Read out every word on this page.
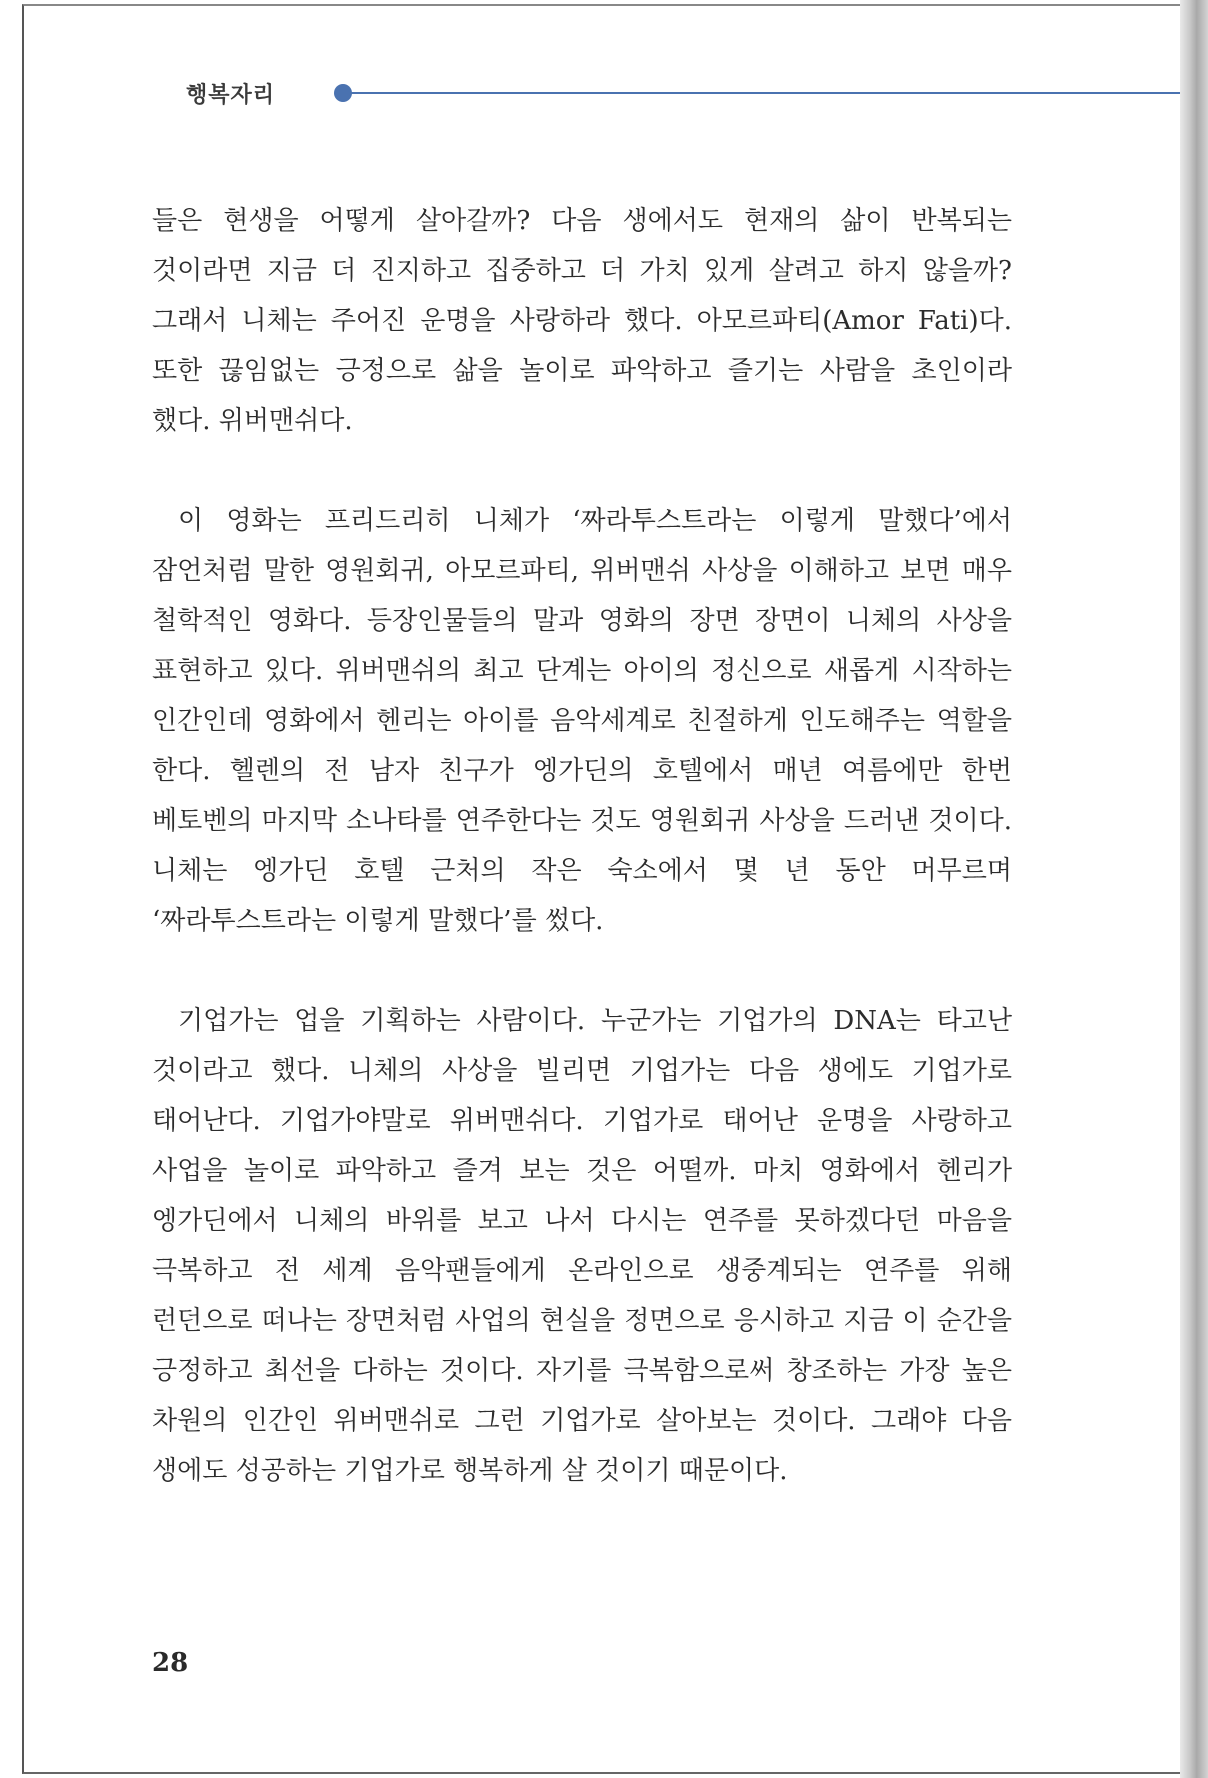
행복자리

들은 현생을 어떻게 살아갈까? 다음 생에서도 현재의 삶이 반복되는 것이라면 지금 더 진지하고 집중하고 더 가치 있게 살려고 하지 않을까? 그래서 니체는 주어진 운명을 사랑하라 했다. 아모르파티(Amor Fati)다. 또한 끊임없는 긍정으로 삶을 놀이로 파악하고 즐기는 사람을 초인이라 했다. 위버맨쉬다.

이 영화는 프리드리히 니체가 ‘짜라투스트라는 이렇게 말했다’에서 잠언처럼 말한 영원회귀, 아모르파티, 위버맨쉬 사상을 이해하고 보면 매우 철학적인 영화다. 등장인물들의 말과 영화의 장면 장면이 니체의 사상을 표현하고 있다. 위버맨쉬의 최고 단계는 아이의 정신으로 새롭게 시작하는 인간인데 영화에서 헨리는 아이를 음악세계로 친절하게 인도해주는 역할을 한다. 헬렌의 전 남자 친구가 엥가딘의 호텔에서 매년 여름에만 한번 베토벤의 마지막 소나타를 연주한다는 것도 영원회귀 사상을 드러낸 것이다. 니체는 엥가딘 호텔 근처의 작은 숙소에서 몇 년 동안 머무르며 ‘짜라투스트라는 이렇게 말했다’를 썼다.

기업가는 업을 기획하는 사람이다. 누군가는 기업가의 DNA는 타고난 것이라고 했다. 니체의 사상을 빌리면 기업가는 다음 생에도 기업가로 태어난다. 기업가야말로 위버맨쉬다. 기업가로 태어난 운명을 사랑하고 사업을 놀이로 파악하고 즐겨 보는 것은 어떨까. 마치 영화에서 헨리가 엥가딘에서 니체의 바위를 보고 나서 다시는 연주를 못하겠다던 마음을 극복하고 전 세계 음악팬들에게 온라인으로 생중계되는 연주를 위해 런던으로 떠나는 장면처럼 사업의 현실을 정면으로 응시하고 지금 이 순간을 긍정하고 최선을 다하는 것이다. 자기를 극복함으로써 창조하는 가장 높은 차원의 인간인 위버맨쉬로 그런 기업가로 살아보는 것이다. 그래야 다음 생에도 성공하는 기업가로 행복하게 살 것이기 때문이다.

28
